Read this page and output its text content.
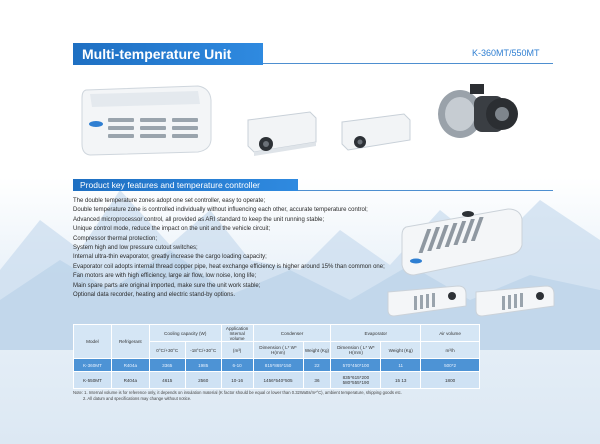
Multi-temperature Unit	K-360MT/550MT
Product key features and temperature controller
The double temperature zones adopt one set controller, easy to operate;
Double temperature zone is controlled individually without influencing each other, accurate temperature control;
Advanced microprocessor control, all provided as ARI standard to keep the unit running stable;
Unique control mode, reduce the impact on the unit and the vehicle circuit;
Compressor thermal protection;
System high and low pressure cutout switches;
Internal ultra-thin evaporator, greatly increase the cargo loading capacity;
Evaporator coil adopts internal thread copper pipe, heat exchange efficiency is higher around 15% than common one;
Fan motors are with high efficiency, large air flow, low noise, long life;
Main spare parts are original imported, make sure the unit work stable;
Optional data recorder, heating and electric stand-by options.
Model	Refrigerant	Cooling capacity (W)		Application Internal volume	Condenser		Evaporator		Air volume
		0°C/+30°C	-18°C/+30°C	(m³)	Dimension ( L* W* H(mm)	Weight (Kg)	Dimension ( L* W* H(mm)	Weight (Kg)	m³/h
K-360MT	R404a	3365	1985	6-10	815*865*150	22	570*450*100	11	500*2
K-550MT	R404a	4615	2560	10-16	1456*540*505	36	835*615*200 580*555*190	15 13	1800
Note: 1. Internal volume is for reference only, it depends on insulation material (K factor should be equal or lower than 0.32Watts/m²°C), ambient temperature, shipping goods etc.
2. All datum and specifications may change without notice.
